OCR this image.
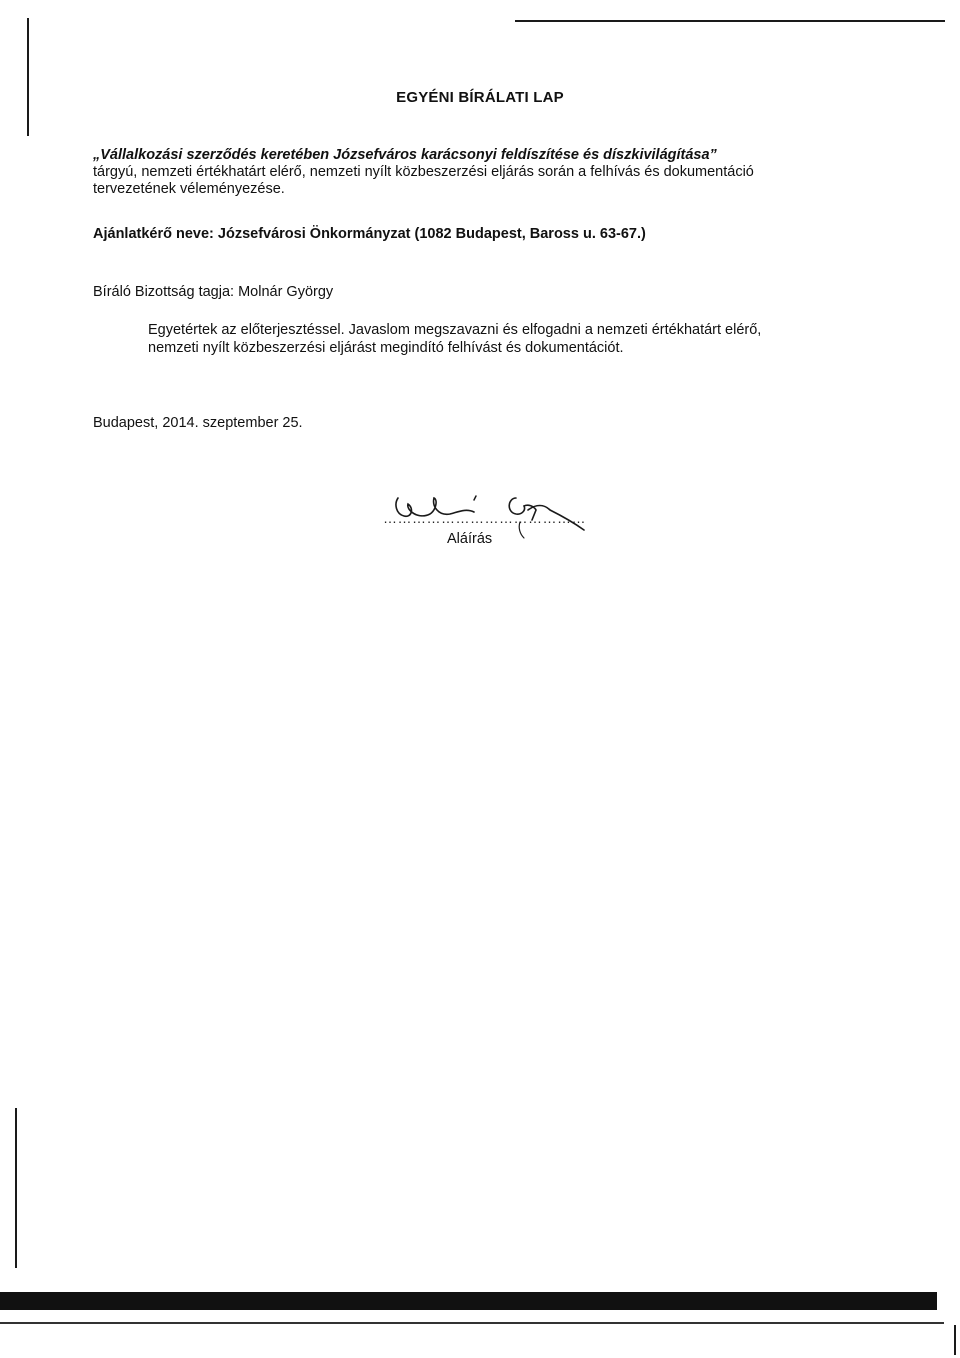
EGYÉNI BÍRÁLATI LAP
„Vállalkozási szerződés keretében Józsefváros karácsonyi feldíszítése és díszkivilágítása”
tárgyú, nemzeti értékhatárt elérő, nemzeti nyílt közbeszerzési eljárás során a felhívás és dokumentáció
tervezetének véleményezése.
Ajánlatkérő neve: Józsefvárosi Önkormányzat (1082 Budapest, Baross u. 63-67.)
Bíráló Bizottság tagja: Molnár György
Egyetértek az előterjesztéssel. Javaslom megszavazni és elfogadni a nemzeti értékhatárt elérő,
nemzeti nyílt közbeszerzési eljárást megindító felhívást és dokumentációt.
Budapest, 2014. szeptember 25.
……………………………………
Aláírás
